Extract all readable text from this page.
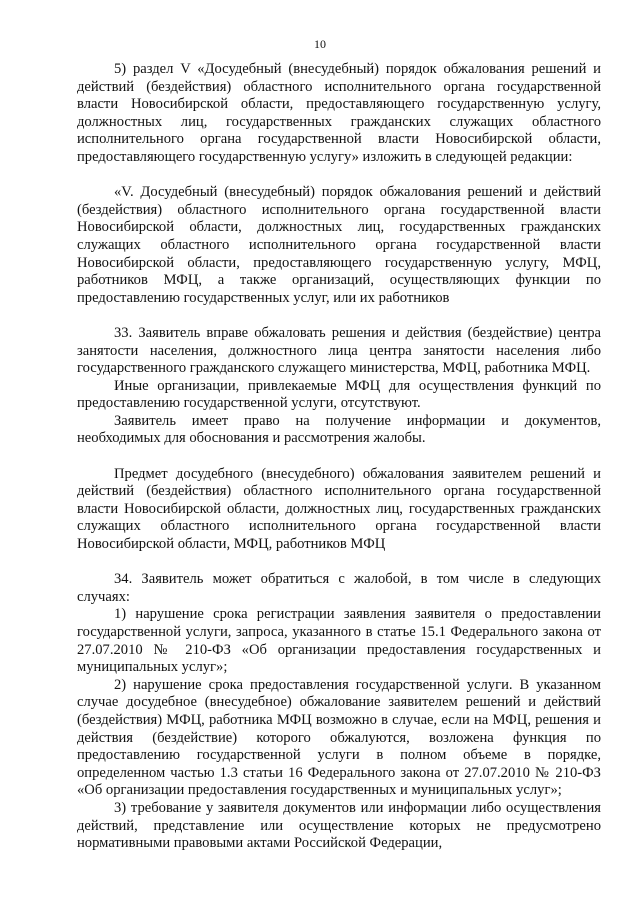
10

5) раздел V «Досудебный (внесудебный) порядок обжалования решений и действий (бездействия) областного исполнительного органа государственной власти Новосибирской области, предоставляющего государственную услугу, должностных лиц, государственных гражданских служащих областного исполнительного органа государственной власти Новосибирской области, предоставляющего государственную услугу» изложить в следующей редакции:

«V. Досудебный (внесудебный) порядок обжалования решений и действий (бездействия) областного исполнительного органа государственной власти Новосибирской области, должностных лиц, государственных гражданских служащих областного исполнительного органа государственной власти Новосибирской области, предоставляющего государственную услугу, МФЦ, работников МФЦ, а также организаций, осуществляющих функции по предоставлению государственных услуг, или их работников

33. Заявитель вправе обжаловать решения и действия (бездействие) центра занятости населения, должностного лица центра занятости населения либо государственного гражданского служащего министерства, МФЦ, работника МФЦ.

Иные организации, привлекаемые МФЦ для осуществления функций по предоставлению государственной услуги, отсутствуют.

Заявитель имеет право на получение информации и документов, необходимых для обоснования и рассмотрения жалобы.

Предмет досудебного (внесудебного) обжалования заявителем решений и действий (бездействия) областного исполнительного органа государственной власти Новосибирской области, должностных лиц, государственных гражданских служащих областного исполнительного органа государственной власти Новосибирской области, МФЦ, работников МФЦ

34. Заявитель может обратиться с жалобой, в том числе в следующих случаях:

1) нарушение срока регистрации заявления заявителя о предоставлении государственной услуги, запроса, указанного в статье 15.1 Федерального закона от 27.07.2010 № 210-ФЗ «Об организации предоставления государственных и муниципальных услуг»;

2) нарушение срока предоставления государственной услуги. В указанном случае досудебное (внесудебное) обжалование заявителем решений и действий (бездействия) МФЦ, работника МФЦ возможно в случае, если на МФЦ, решения и действия (бездействие) которого обжалуются, возложена функция по предоставлению государственной услуги в полном объеме в порядке, определенном частью 1.3 статьи 16 Федерального закона от 27.07.2010 № 210-ФЗ «Об организации предоставления государственных и муниципальных услуг»;

3) требование у заявителя документов или информации либо осуществления действий, представление или осуществление которых не предусмотрено нормативными правовыми актами Российской Федерации,
